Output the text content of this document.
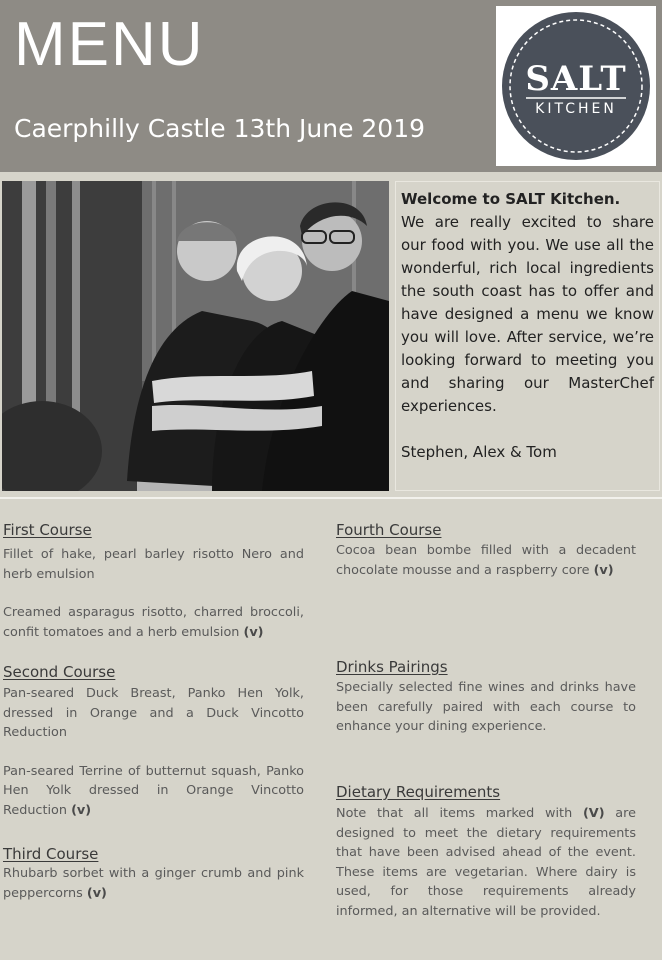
MENU
Caerphilly Castle 13th June 2019
SALT
KITCHEN
Welcome to SALT Kitchen.
We are really excited to share our food with you. We use all the wonderful, rich local ingredients the south coast has to offer and have designed a menu we know you will love. After service, we’re looking forward to meeting you and sharing our MasterChef experiences.
Stephen, Alex & Tom
First Course
Fillet of hake, pearl barley risotto Nero and herb emulsion
Creamed asparagus risotto, charred broccoli, confit tomatoes and a herb emulsion (v)
Second Course
Pan-seared Duck Breast, Panko Hen Yolk, dressed in Orange and a Duck Vincotto Reduction
Pan-seared Terrine of butternut squash, Panko Hen Yolk dressed in Orange Vincotto Reduction (v)
Third Course
Rhubarb sorbet with a ginger crumb and pink peppercorns (v)
Fourth Course
Cocoa bean bombe filled with a decadent chocolate mousse and a raspberry core (v)
Drinks Pairings
Specially selected fine wines and drinks have been carefully paired with each course to enhance your dining experience.
Dietary Requirements
Note that all items marked with (V) are designed to meet the dietary requirements that have been advised ahead of the event. These items are vegetarian. Where dairy is used, for those requirements already informed, an alternative will be provided.
